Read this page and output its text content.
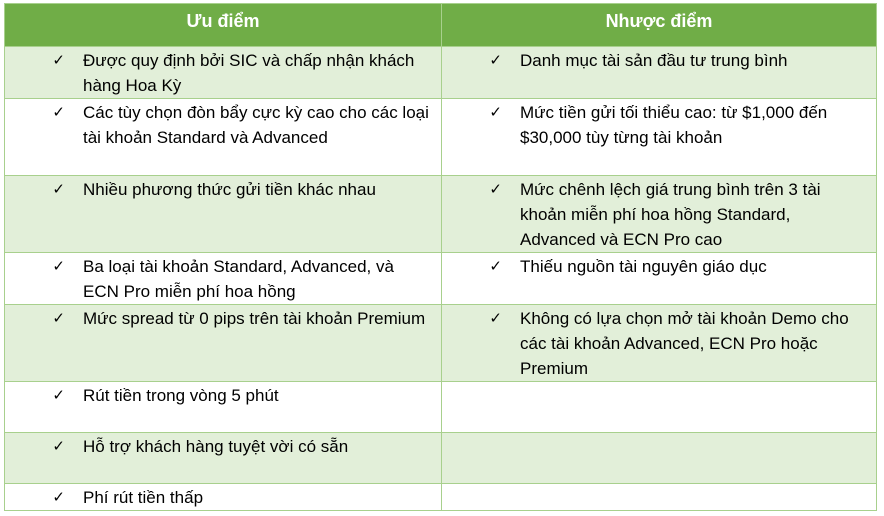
Ưu điểm	Nhược điểm

✓ Được quy định bởi SIC và chấp nhận khách hàng Hoa Kỳ	✓ Danh mục tài sản đầu tư trung bình

✓ Các tùy chọn đòn bẩy cực kỳ cao cho các loại tài khoản Standard và Advanced	✓ Mức tiền gửi tối thiểu cao: từ $1,000 đến $30,000 tùy từng tài khoản

✓ Nhiều phương thức gửi tiền khác nhau	✓ Mức chênh lệch giá trung bình trên 3 tài khoản miễn phí hoa hồng Standard, Advanced và ECN Pro cao

✓ Ba loại tài khoản Standard, Advanced, và ECN Pro miễn phí hoa hồng	✓ Thiếu nguồn tài nguyên giáo dục

✓ Mức spread từ 0 pips trên tài khoản Premium	✓ Không có lựa chọn mở tài khoản Demo cho các tài khoản Advanced, ECN Pro hoặc Premium

✓ Rút tiền trong vòng 5 phút	

✓ Hỗ trợ khách hàng tuyệt vời có sẵn	

✓ Phí rút tiền thấp	
